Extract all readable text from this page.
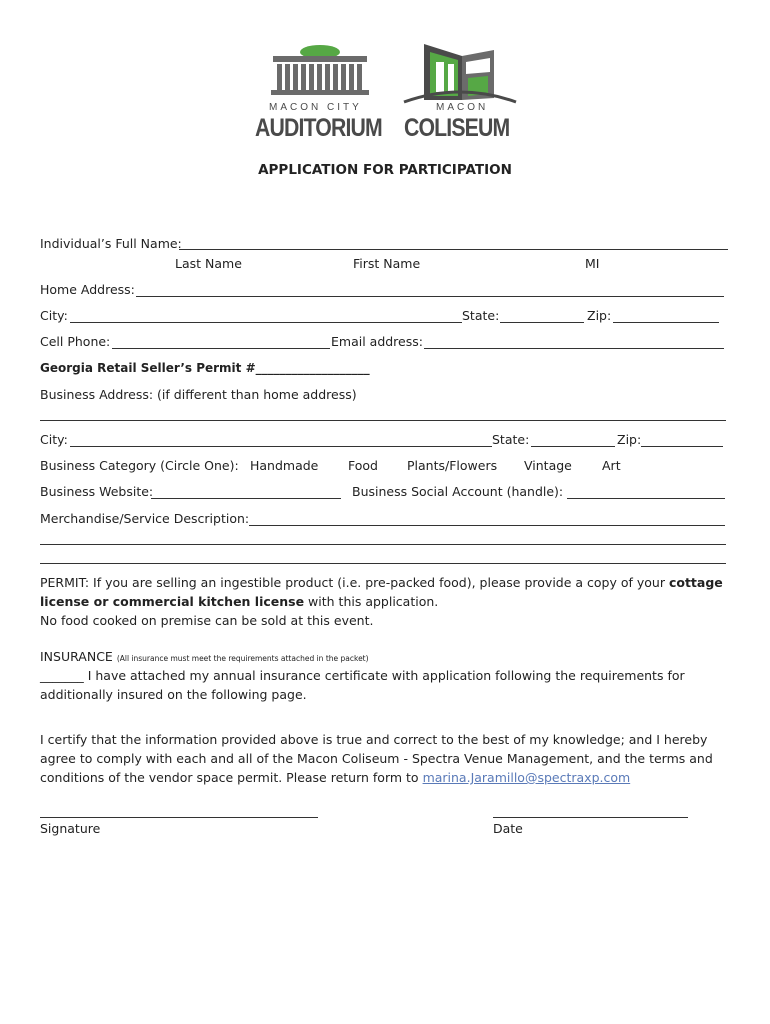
MACON CITY
AUDITORIUM
MACON
COLISEUM
APPLICATION FOR PARTICIPATION
Individual’s Full Name:
Last Name	First Name	MI
Home Address:
City:	State:	Zip:
Cell Phone:	Email address:
Georgia Retail Seller’s Permit #___________________
Business Address: (if different than home address)
City:	State:	Zip:
Business Category (Circle One): Handmade Food Plants/Flowers Vintage Art
Business Website:	Business Social Account (handle):
Merchandise/Service Description:
PERMIT: If you are selling an ingestible product (i.e. pre-packed food), please provide a copy of your cottage license or commercial kitchen license with this application.
No food cooked on premise can be sold at this event.
INSURANCE (All insurance must meet the requirements attached in the packet)
_______ I have attached my annual insurance certificate with application following the requirements for additionally insured on the following page.
I certify that the information provided above is true and correct to the best of my knowledge; and I hereby agree to comply with each and all of the Macon Coliseum - Spectra Venue Management, and the terms and conditions of the vendor space permit. Please return form to marina.Jaramillo@spectraxp.com
Signature	Date
